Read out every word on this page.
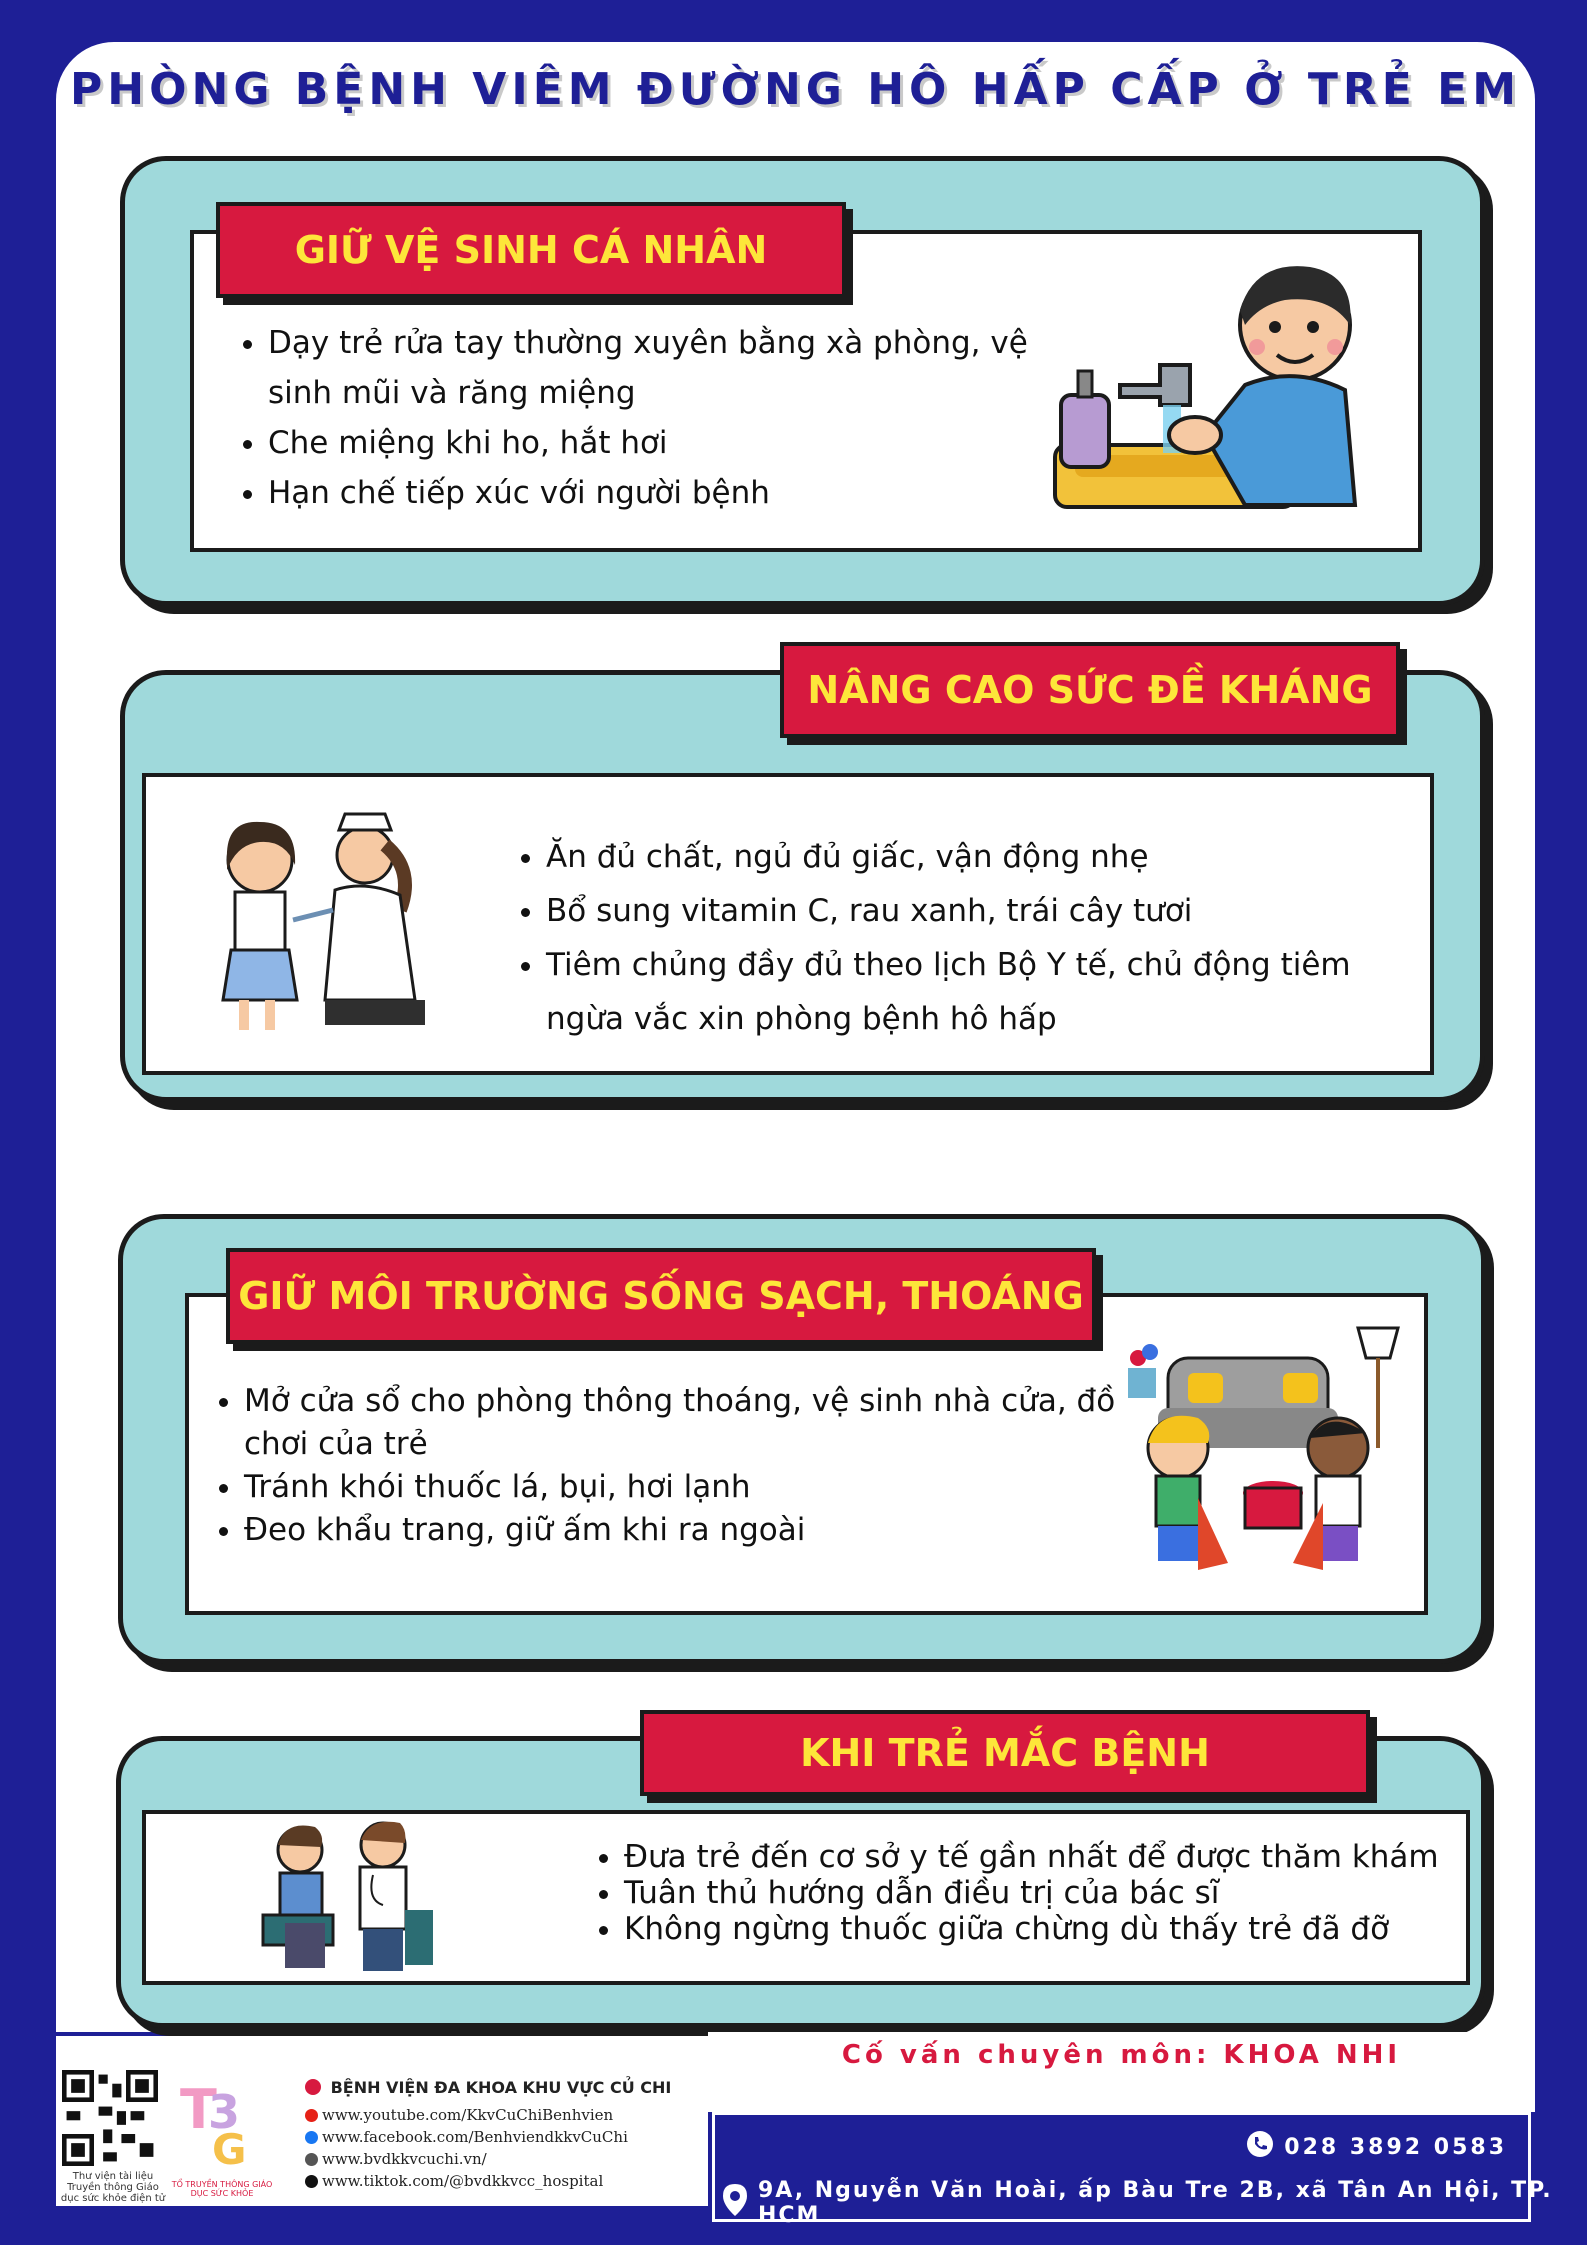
PHÒNG BỆNH VIÊM ĐƯỜNG HÔ HẤP CẤP Ở TRẺ EM
GIỮ VỆ SINH CÁ NHÂN
• Dạy trẻ rửa tay thường xuyên bằng xà phòng, vệ sinh mũi và răng miệng
• Che miệng khi ho, hắt hơi
• Hạn chế tiếp xúc với người bệnh
NÂNG CAO SỨC ĐỀ KHÁNG
• Ăn đủ chất, ngủ đủ giấc, vận động nhẹ
• Bổ sung vitamin C, rau xanh, trái cây tươi
• Tiêm chủng đầy đủ theo lịch Bộ Y tế, chủ động tiêm ngừa vắc xin phòng bệnh hô hấp
GIỮ MÔI TRƯỜNG SỐNG SẠCH, THOÁNG
• Mở cửa sổ cho phòng thông thoáng, vệ sinh nhà cửa, đồ chơi của trẻ
• Tránh khói thuốc lá, bụi, hơi lạnh
• Đeo khẩu trang, giữ ấm khi ra ngoài
KHI TRẺ MẮC BỆNH
• Đưa trẻ đến cơ sở y tế gần nhất để được thăm khám
• Tuân thủ hướng dẫn điều trị của bác sĩ
• Không ngừng thuốc giữa chừng dù thấy trẻ đã đỡ
Cố vấn chuyên môn: KHOA NHI
028 3892 0583
9A, Nguyễn Văn Hoài, ấp Bàu Tre 2B, xã Tân An Hội, TP. HCM
Thư viện tài liệu Truyền thông Giáo dục sức khỏe điện tử
T
3
G
TỔ TRUYỀN THÔNG GIÁO DỤC SỨC KHỎE
BỆNH VIỆN ĐA KHOA KHU VỰC CỦ CHI
www.youtube.com/KkvCuChiBenhvien
www.facebook.com/BenhviendkkvCuChi
www.bvdkkvcuchi.vn/
www.tiktok.com/@bvdkkvcc_hospital
